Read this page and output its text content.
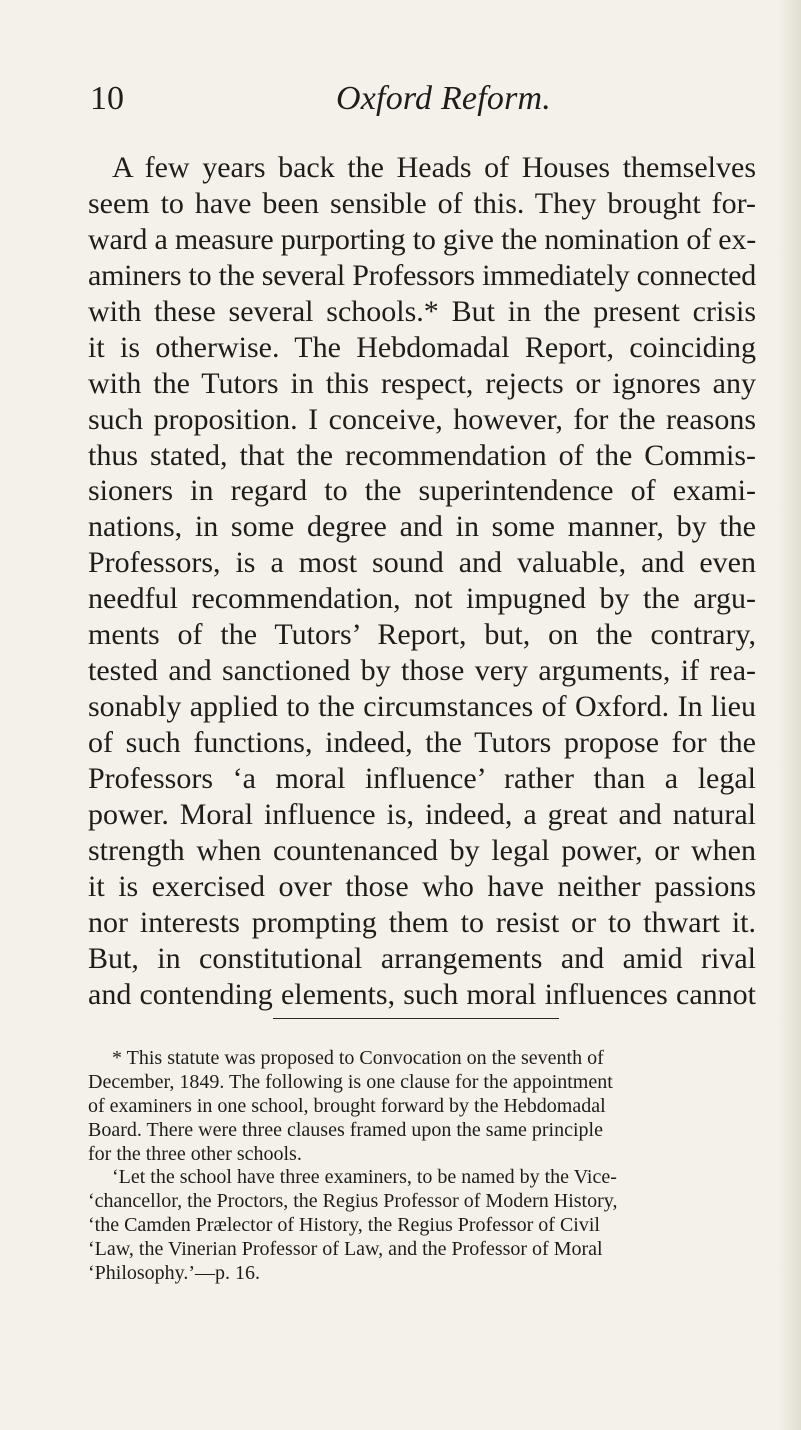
10	Oxford Reform.
A few years back the Heads of Houses themselves
seem to have been sensible of this. They brought for-
ward a measure purporting to give the nomination of ex-
aminers to the several Professors immediately connected
with these several schools.* But in the present crisis
it is otherwise. The Hebdomadal Report, coinciding
with the Tutors in this respect, rejects or ignores any
such proposition. I conceive, however, for the reasons
thus stated, that the recommendation of the Commis-
sioners in regard to the superintendence of exami-
nations, in some degree and in some manner, by the
Professors, is a most sound and valuable, and even
needful recommendation, not impugned by the argu-
ments of the Tutors’ Report, but, on the contrary,
tested and sanctioned by those very arguments, if rea-
sonably applied to the circumstances of Oxford. In lieu
of such functions, indeed, the Tutors propose for the
Professors ‘a moral influence’ rather than a legal
power. Moral influence is, indeed, a great and natural
strength when countenanced by legal power, or when
it is exercised over those who have neither passions
nor interests prompting them to resist or to thwart it.
But, in constitutional arrangements and amid rival
and contending elements, such moral influences cannot
* This statute was proposed to Convocation on the seventh of
December, 1849. The following is one clause for the appointment
of examiners in one school, brought forward by the Hebdomadal
Board. There were three clauses framed upon the same principle
for the three other schools.
‘Let the school have three examiners, to be named by the Vice-
‘chancellor, the Proctors, the Regius Professor of Modern History,
‘the Camden Prælector of History, the Regius Professor of Civil
‘Law, the Vinerian Professor of Law, and the Professor of Moral
‘Philosophy.’—p. 16.
